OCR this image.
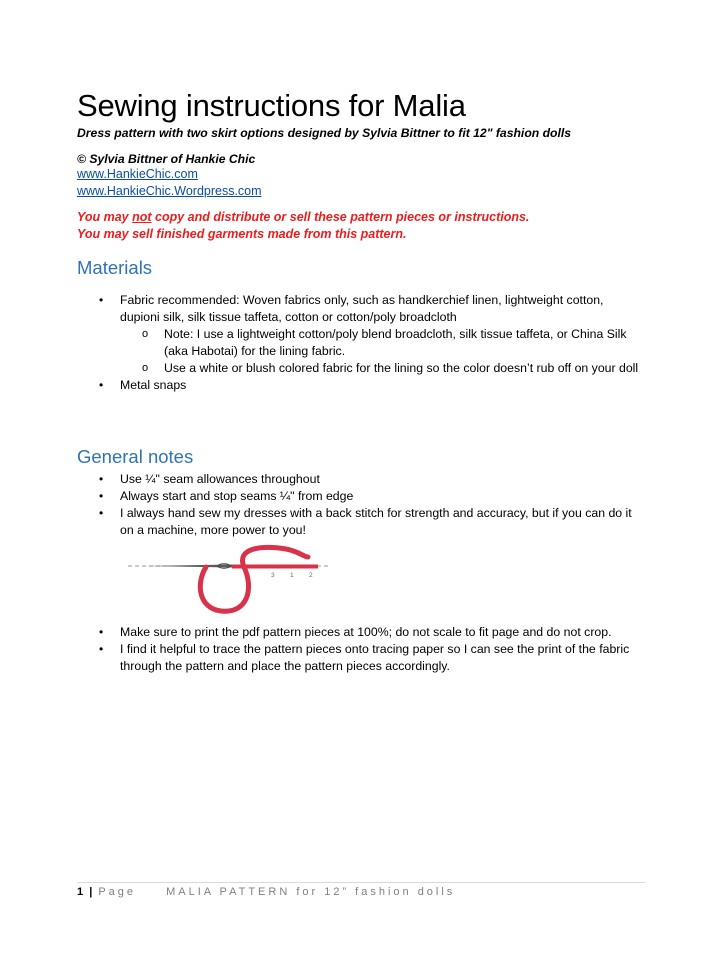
Sewing instructions for Malia

Dress pattern with two skirt options designed by Sylvia Bittner to fit 12" fashion dolls

© Sylvia Bittner of Hankie Chic

www.HankieChic.com

www.HankieChic.Wordpress.com

You may not copy and distribute or sell these pattern pieces or instructions.

You may sell finished garments made from this pattern.

Materials
• Fabric recommended: Woven fabrics only, such as handkerchief linen, lightweight cotton, dupioni silk, silk tissue taffeta, cotton or cotton/poly broadcloth
o Note: I use a lightweight cotton/poly blend broadcloth, silk tissue taffeta, or China Silk (aka Habotai) for the lining fabric.
o Use a white or blush colored fabric for the lining so the color doesn’t rub off on your doll
• Metal snaps
General notes
• Use ¼" seam allowances throughout
• Always start and stop seams ¼" from edge
• I always hand sew my dresses with a back stitch for strength and accuracy, but if you can do it on a machine, more power to you!
3 1 2
• Make sure to print the pdf pattern pieces at 100%; do not scale to fit page and do not crop.
• I find it helpful to trace the pattern pieces onto tracing paper so I can see the print of the fabric through the pattern and place the pattern pieces accordingly.
1 | Page	MALIA PATTERN for 12” fashion dolls
